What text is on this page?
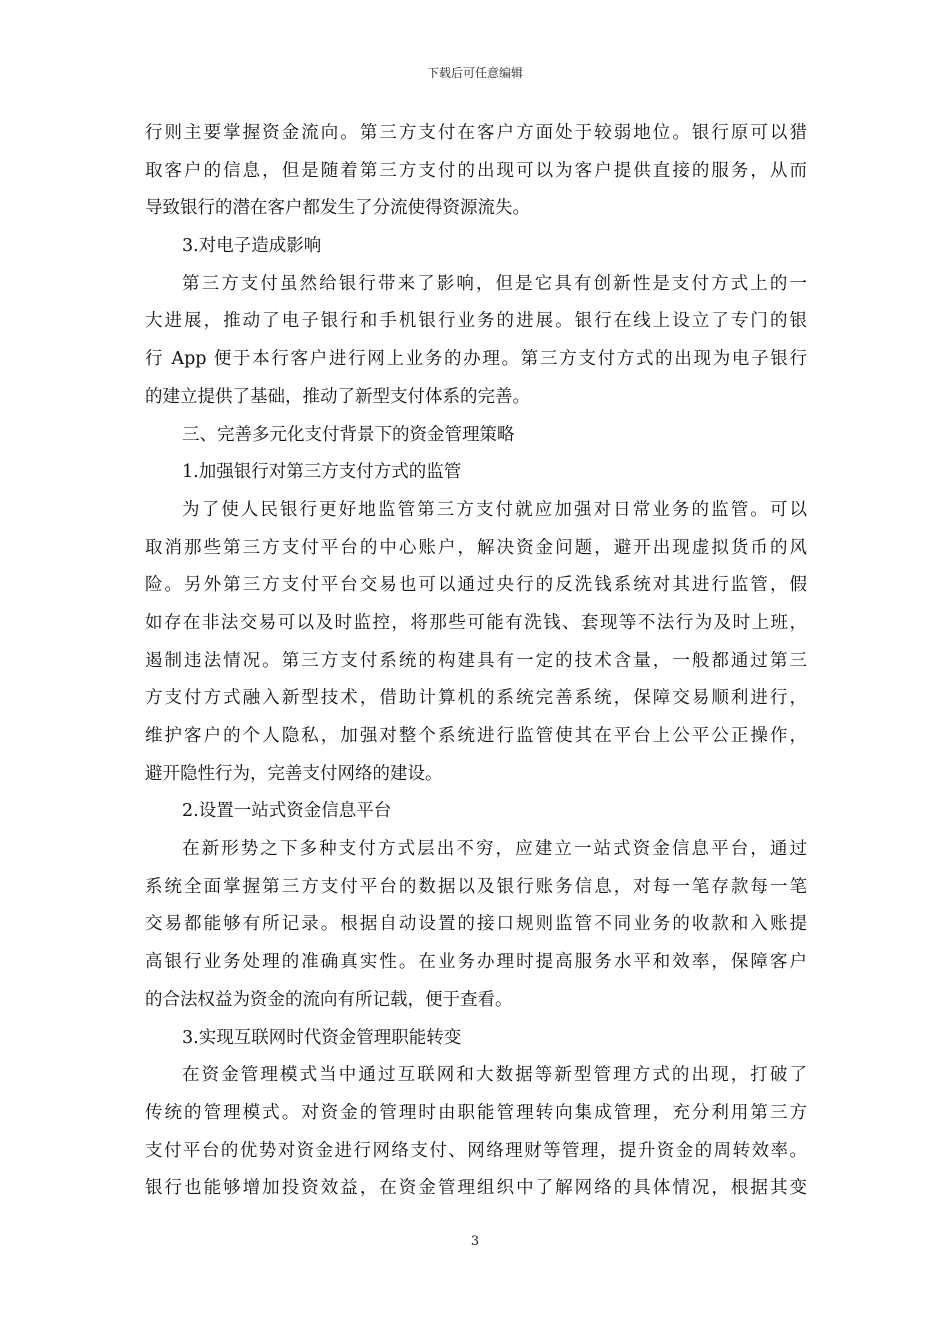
下载后可任意编辑
行则主要掌握资金流向。第三方支付在客户方面处于较弱地位。银行原可以猎
取客户的信息，但是随着第三方支付的出现可以为客户提供直接的服务，从而
导致银行的潜在客户都发生了分流使得资源流失。
3.对电子造成影响
第三方支付虽然给银行带来了影响，但是它具有创新性是支付方式上的一
大进展，推动了电子银行和手机银行业务的进展。银行在线上设立了专门的银
行 App 便于本行客户进行网上业务的办理。第三方支付方式的出现为电子银行
的建立提供了基础，推动了新型支付体系的完善。
三、完善多元化支付背景下的资金管理策略
1.加强银行对第三方支付方式的监管
为了使人民银行更好地监管第三方支付就应加强对日常业务的监管。可以
取消那些第三方支付平台的中心账户，解决资金问题，避开出现虚拟货币的风
险。另外第三方支付平台交易也可以通过央行的反洗钱系统对其进行监管，假
如存在非法交易可以及时监控，将那些可能有洗钱、套现等不法行为及时上班，
遏制违法情况。第三方支付系统的构建具有一定的技术含量，一般都通过第三
方支付方式融入新型技术，借助计算机的系统完善系统，保障交易顺利进行，
维护客户的个人隐私，加强对整个系统进行监管使其在平台上公平公正操作，
避开隐性行为，完善支付网络的建设。
2.设置一站式资金信息平台
在新形势之下多种支付方式层出不穷，应建立一站式资金信息平台，通过
系统全面掌握第三方支付平台的数据以及银行账务信息，对每一笔存款每一笔
交易都能够有所记录。根据自动设置的接口规则监管不同业务的收款和入账提
高银行业务处理的准确真实性。在业务办理时提高服务水平和效率，保障客户
的合法权益为资金的流向有所记载，便于查看。
3.实现互联网时代资金管理职能转变
在资金管理模式当中通过互联网和大数据等新型管理方式的出现，打破了
传统的管理模式。对资金的管理时由职能管理转向集成管理，充分利用第三方
支付平台的优势对资金进行网络支付、网络理财等管理，提升资金的周转效率。
银行也能够增加投资效益，在资金管理组织中了解网络的具体情况，根据其变
3
